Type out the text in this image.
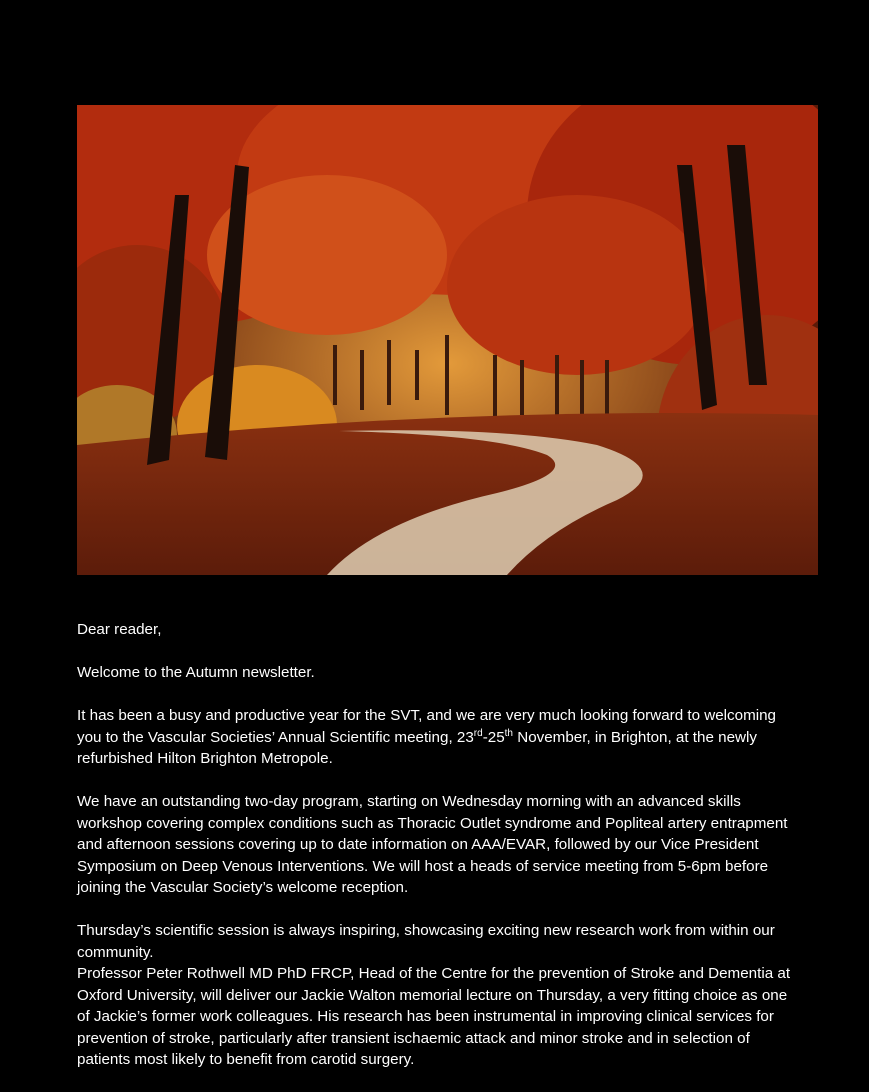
Dear reader,

Welcome to the Autumn newsletter.

It has been a busy and productive year for the SVT, and we are very much looking forward to welcoming you to the Vascular Societies’ Annual Scientific meeting, 23rd-25th November, in Brighton, at the newly refurbished Hilton Brighton Metropole.

We have an outstanding two-day program, starting on Wednesday morning with an advanced skills workshop covering complex conditions such as Thoracic Outlet syndrome and Popliteal artery entrapment and afternoon sessions covering up to date information on AAA/EVAR, followed by our Vice President Symposium on Deep Venous Interventions. We will host a heads of service meeting from 5-6pm before joining the Vascular Society’s welcome reception.

Thursday’s scientific session is always inspiring, showcasing exciting new research work from within our community.

Professor Peter Rothwell MD PhD FRCP, Head of the Centre for the prevention of Stroke and Dementia at Oxford University, will deliver our Jackie Walton memorial lecture on Thursday, a very fitting choice as one of Jackie’s former work colleagues. His research has been instrumental in improving clinical services for prevention of stroke, particularly after transient ischaemic attack and minor stroke and in selection of patients most likely to benefit from carotid surgery.
